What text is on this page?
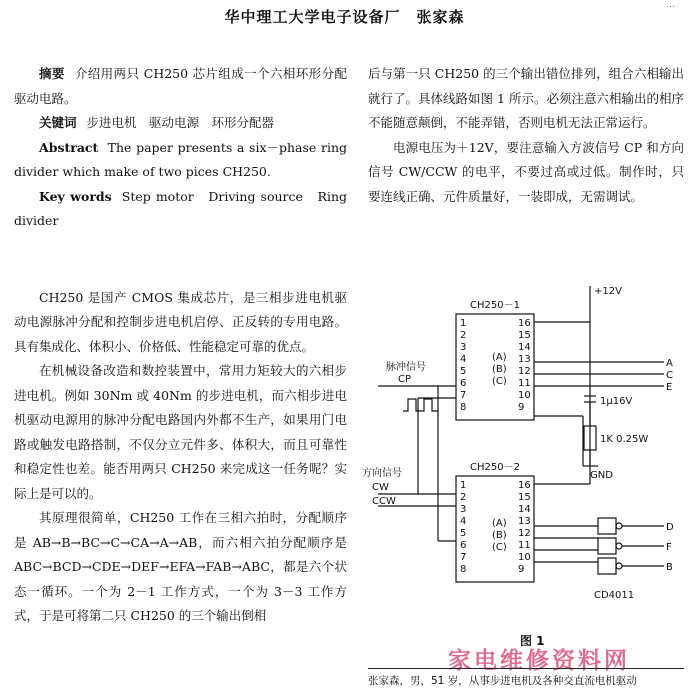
华中理工大学电子设备厂　张家森
…

摘要 介绍用两只 CH250 芯片组成一个六相环形分配驱动电路。

关键词 步进电机　驱动电源　环形分配器

Abstract The paper presents a six－phase ring divider which make of two pices CH250.

Key words Step motor　Driving source　Ring divider

CH250 是国产 CMOS 集成芯片，是三相步进电机驱动电源脉冲分配和控制步进电机启停、正反转的专用电路。具有集成化、体积小、价格低、性能稳定可靠的优点。

在机械设备改造和数控装置中，常用力矩较大的六相步进电机。例如 30Nm 或 40Nm 的步进电机，而六相步进电机驱动电源用的脉冲分配电路国内外都不生产，如果用门电路或触发电路搭制，不仅分立元件多、体积大，而且可靠性和稳定性也差。能否用两只 CH250 来完成这一任务呢？实际上是可以的。

其原理很简单，CH250 工作在三相六拍时，分配顺序是 AB→B→BC→C→CA→A→AB，而六相六拍分配顺序是 ABC→BCD→CDE→DEF→EFA→FAB→ABC，都是六个状态一循环。一个为 2－1 工作方式，一个为 3－3 工作方式，于是可将第二只 CH250 的三个输出倒相

后与第一只 CH250 的三个输出错位排列，组合六相输出就行了。具体线路如图 1 所示。必须注意六相输出的相序不能随意颠倒，不能弄错，否则电机无法正常运行。

电源电压为＋12V，要注意输入方波信号 CP 和方向信号 CW/CCW 的电平，不要过高或过低。制作时，只要连线正确、元件质量好，一装即成，无需调试。

1
2
3
4
5
6
7
8
16
15
14
13
12
11
10
9
(A)
(B)
(C)
1
2
3
4
5
6
7
8
16
15
14
13
12
11
10
9
(A)
(B)
(C)
CH250－1
CH250－2
+12V
脉冲信号
CP
方向信号
CW
CCW
1μ16V
1K 0.25W
GND
CD4011
A
C
E
D
F
B
图 1
家电维修资料网
张家森，男，51 岁，从事步进电机及各种交直流电机驱动
